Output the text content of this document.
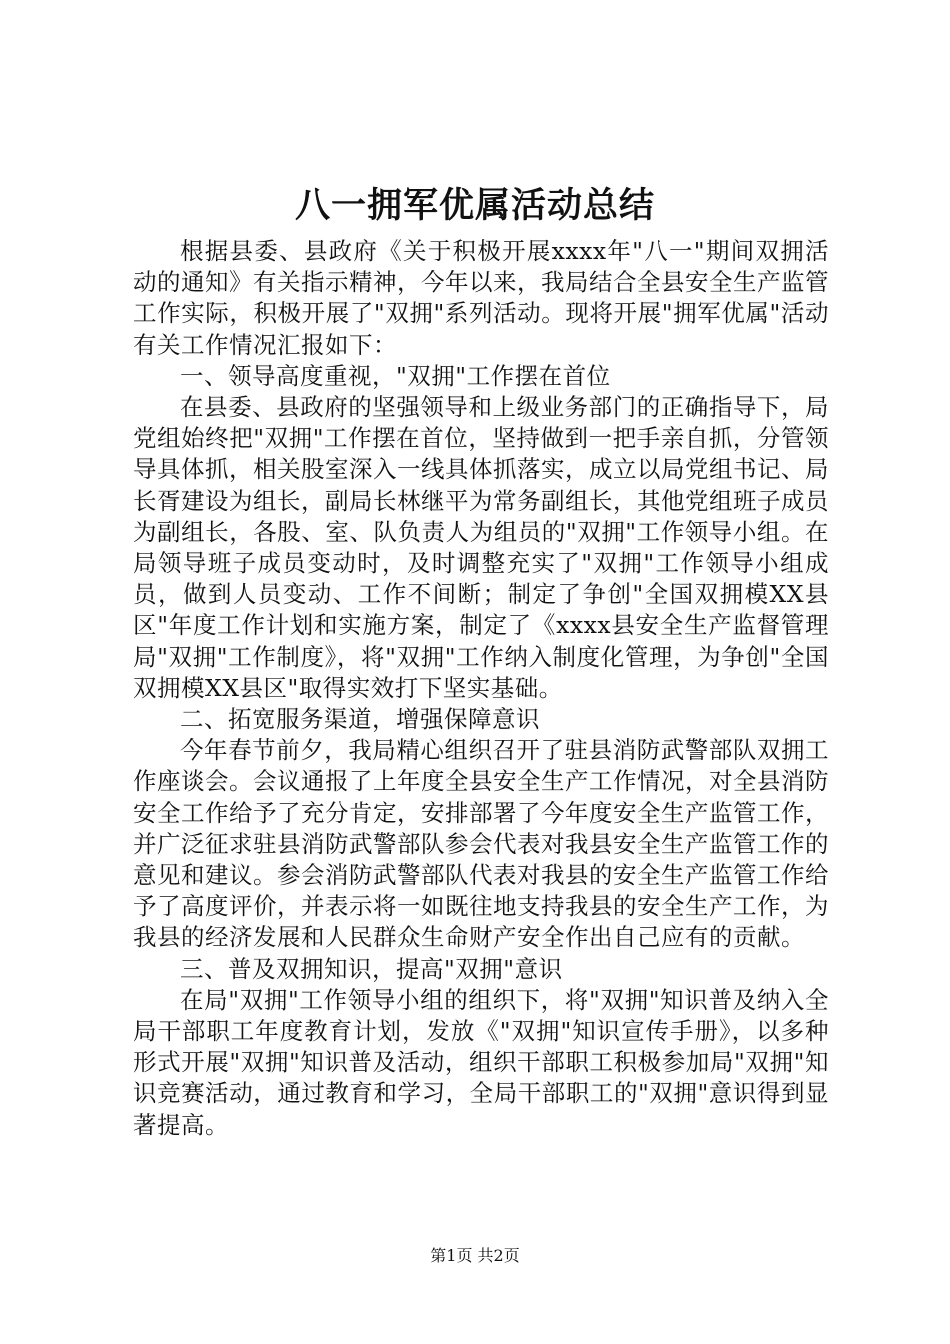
八一拥军优属活动总结

根据县委、县政府《关于积极开展xxxx年"八一"期间双拥活动的通知》有关指示精神，今年以来，我局结合全县安全生产监管工作实际，积极开展了"双拥"系列活动。现将开展"拥军优属"活动有关工作情况汇报如下：

一、领导高度重视，"双拥"工作摆在首位

在县委、县政府的坚强领导和上级业务部门的正确指导下，局党组始终把"双拥"工作摆在首位，坚持做到一把手亲自抓，分管领导具体抓，相关股室深入一线具体抓落实，成立以局党组书记、局长胥建设为组长，副局长林继平为常务副组长，其他党组班子成员为副组长，各股、室、队负责人为组员的"双拥"工作领导小组。在局领导班子成员变动时，及时调整充实了"双拥"工作领导小组成员，做到人员变动、工作不间断；制定了争创"全国双拥模XX县区"年度工作计划和实施方案，制定了《xxxx县安全生产监督管理局"双拥"工作制度》，将"双拥"工作纳入制度化管理，为争创"全国双拥模XX县区"取得实效打下坚实基础。

二、拓宽服务渠道，增强保障意识

今年春节前夕，我局精心组织召开了驻县消防武警部队双拥工作座谈会。会议通报了上年度全县安全生产工作情况，对全县消防安全工作给予了充分肯定，安排部署了今年度安全生产监管工作，并广泛征求驻县消防武警部队参会代表对我县安全生产监管工作的意见和建议。参会消防武警部队代表对我县的安全生产监管工作给予了高度评价，并表示将一如既往地支持我县的安全生产工作，为我县的经济发展和人民群众生命财产安全作出自己应有的贡献。

三、普及双拥知识，提高"双拥"意识

在局"双拥"工作领导小组的组织下，将"双拥"知识普及纳入全局干部职工年度教育计划，发放《"双拥"知识宣传手册》，以多种形式开展"双拥"知识普及活动，组织干部职工积极参加局"双拥"知识竞赛活动，通过教育和学习，全局干部职工的"双拥"意识得到显著提高。

第1页 共2页
